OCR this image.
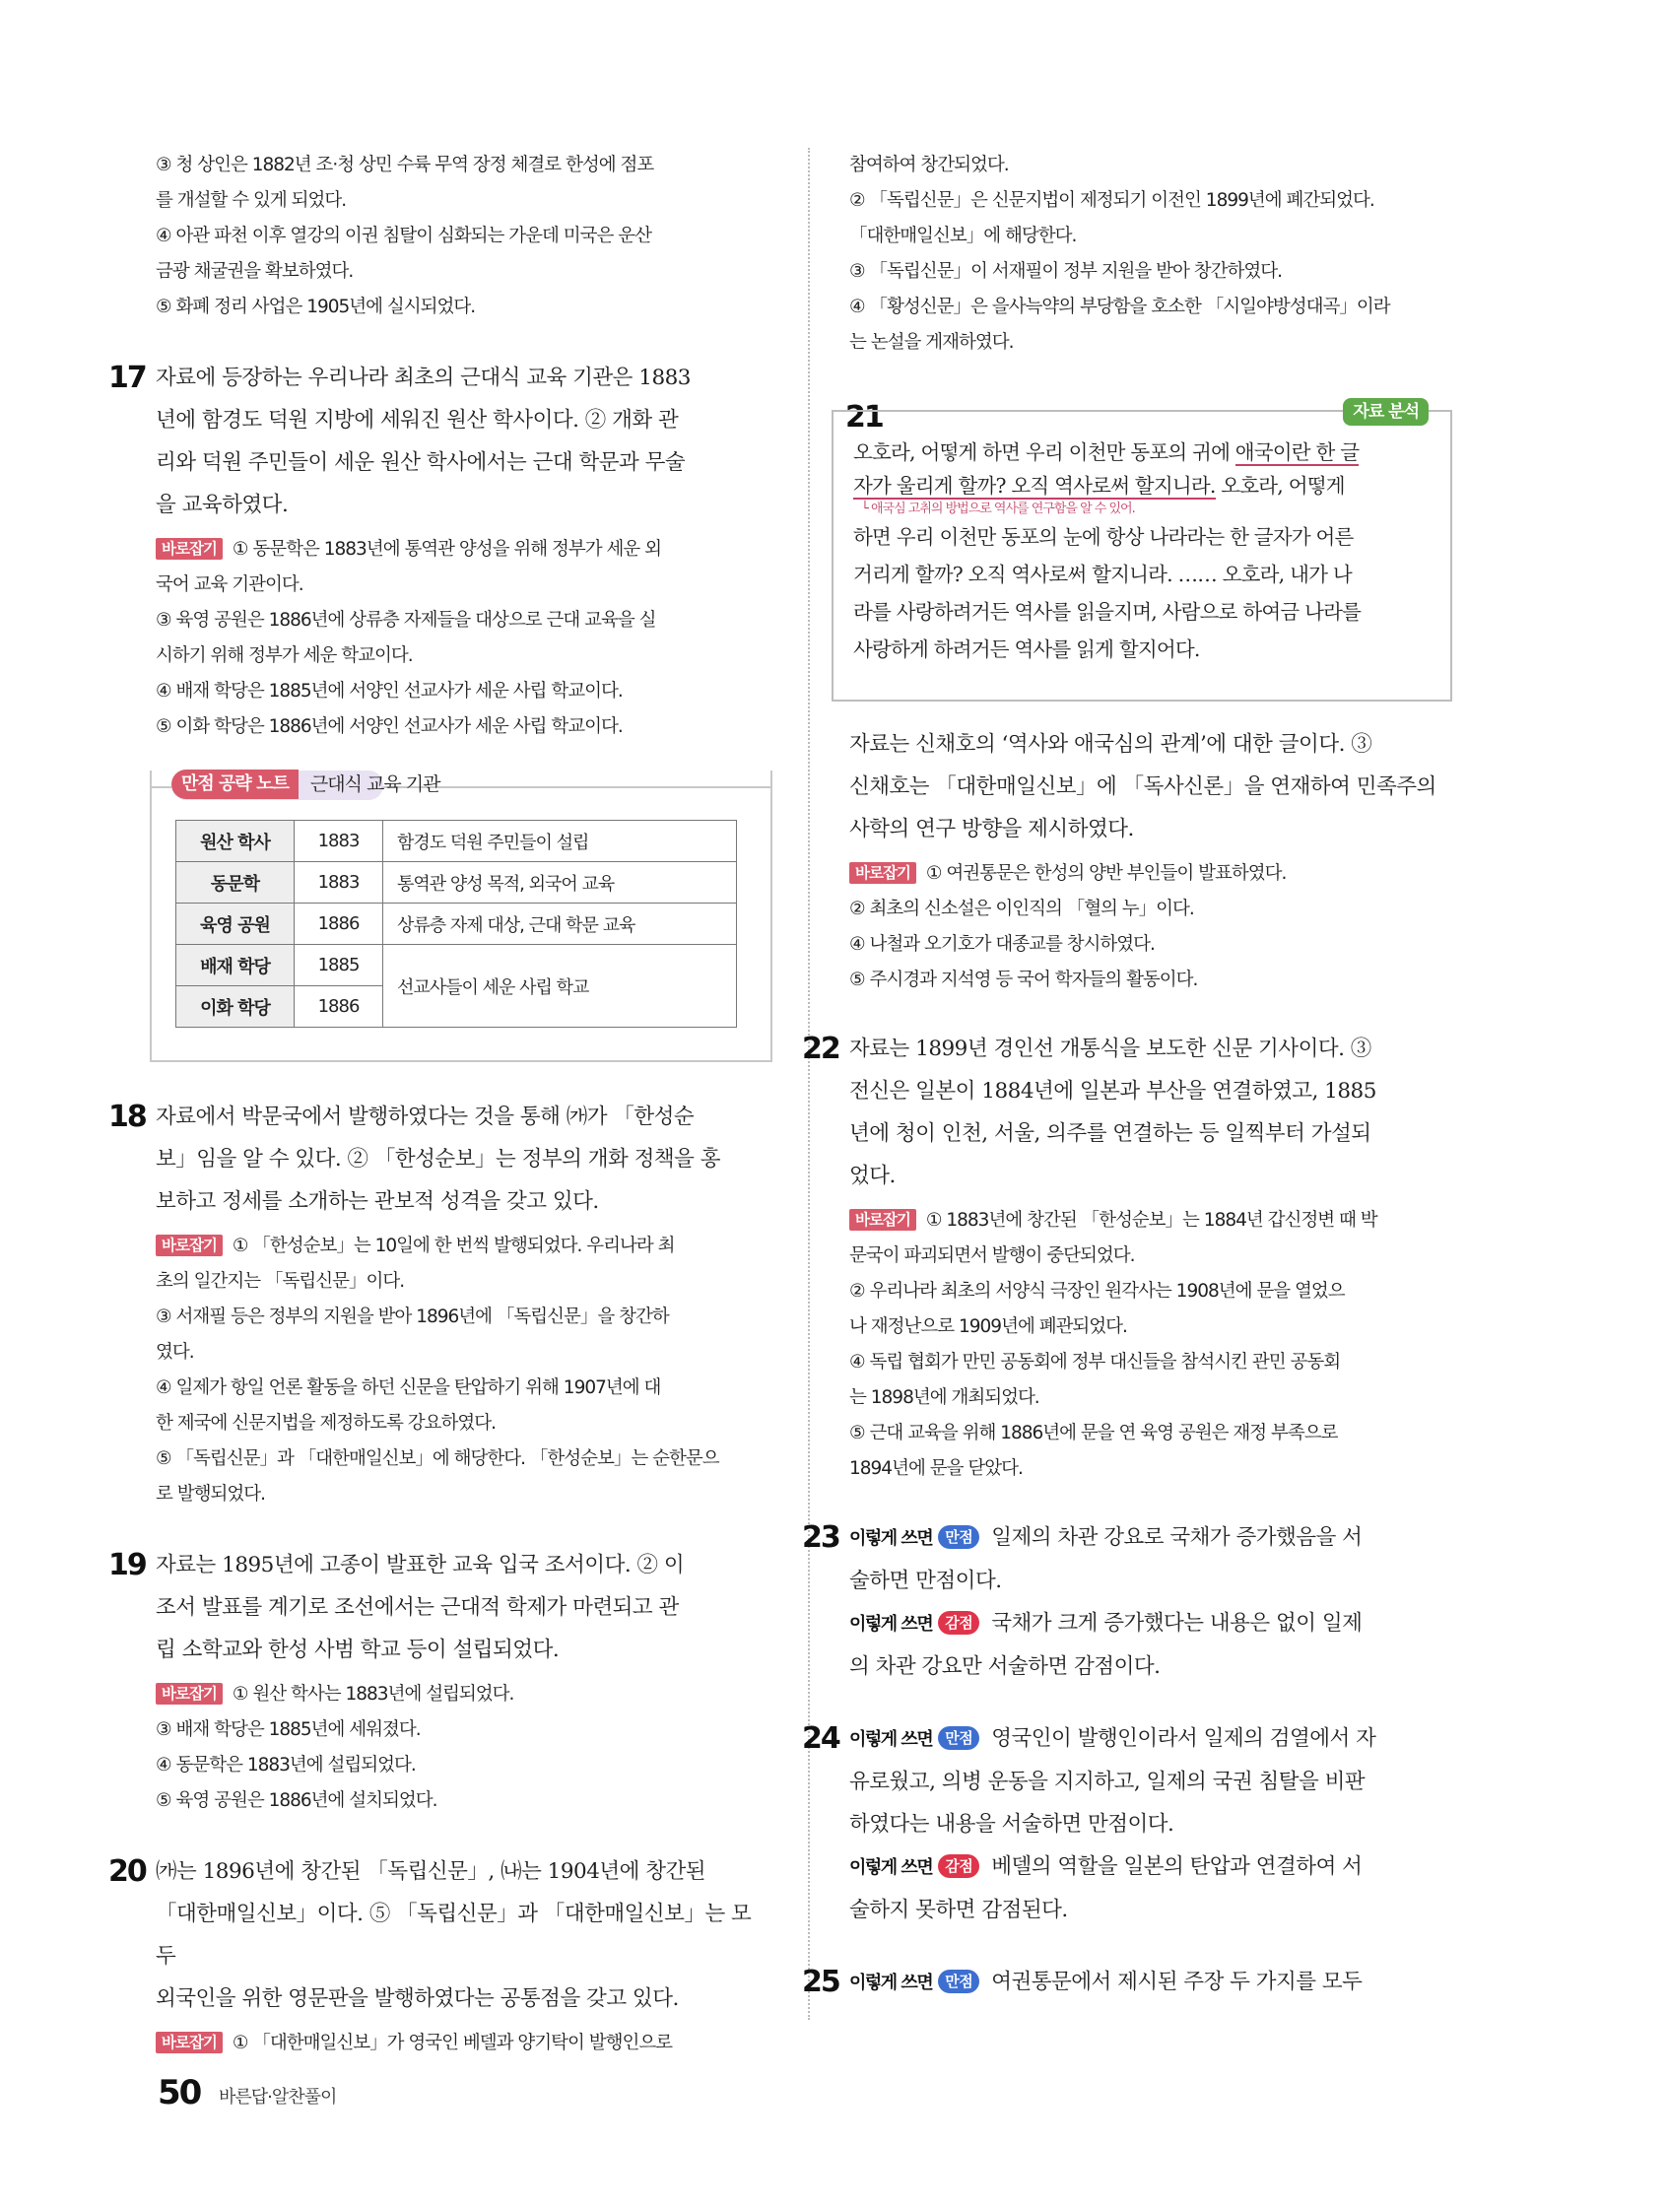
③ 청 상인은 1882년 조·청 상민 수륙 무역 장정 체결로 한성에 점포
를 개설할 수 있게 되었다.
④ 아관 파천 이후 열강의 이권 침탈이 심화되는 가운데 미국은 운산
금광 채굴권을 확보하였다.
⑤ 화폐 정리 사업은 1905년에 실시되었다.
17 자료에 등장하는 우리나라 최초의 근대식 교육 기관은 1883
년에 함경도 덕원 지방에 세워진 원산 학사이다. ② 개화 관
리와 덕원 주민들이 세운 원산 학사에서는 근대 학문과 무술
을 교육하였다.
바로잡기 ① 동문학은 1883년에 통역관 양성을 위해 정부가 세운 외
국어 교육 기관이다.
③ 육영 공원은 1886년에 상류층 자제들을 대상으로 근대 교육을 실
시하기 위해 정부가 세운 학교이다.
④ 배재 학당은 1885년에 서양인 선교사가 세운 사립 학교이다.
⑤ 이화 학당은 1886년에 서양인 선교사가 세운 사립 학교이다.
만점 공략 노트	근대식 교육 기관
원산 학사	1883	함경도 덕원 주민들이 설립
동문학	1883	통역관 양성 목적, 외국어 교육
육영 공원	1886	상류층 자제 대상, 근대 학문 교육
배재 학당	1885	선교사들이 세운 사립 학교
이화 학당	1886	
18 자료에서 박문국에서 발행하였다는 것을 통해 ㈎가 「한성순
보」임을 알 수 있다. ② 「한성순보」는 정부의 개화 정책을 홍
보하고 정세를 소개하는 관보적 성격을 갖고 있다.
바로잡기 ① 「한성순보」는 10일에 한 번씩 발행되었다. 우리나라 최
초의 일간지는 「독립신문」이다.
③ 서재필 등은 정부의 지원을 받아 1896년에 「독립신문」을 창간하
였다.
④ 일제가 항일 언론 활동을 하던 신문을 탄압하기 위해 1907년에 대
한 제국에 신문지법을 제정하도록 강요하였다.
⑤ 「독립신문」과 「대한매일신보」에 해당한다. 「한성순보」는 순한문으
로 발행되었다.
19 자료는 1895년에 고종이 발표한 교육 입국 조서이다. ② 이
조서 발표를 계기로 조선에서는 근대적 학제가 마련되고 관
립 소학교와 한성 사범 학교 등이 설립되었다.
바로잡기 ① 원산 학사는 1883년에 설립되었다.
③ 배재 학당은 1885년에 세워졌다.
④ 동문학은 1883년에 설립되었다.
⑤ 육영 공원은 1886년에 설치되었다.
20 ㈎는 1896년에 창간된 「독립신문」, ㈏는 1904년에 창간된
「대한매일신보」이다. ⑤ 「독립신문」과 「대한매일신보」는 모두
외국인을 위한 영문판을 발행하였다는 공통점을 갖고 있다.
바로잡기 ① 「대한매일신보」가 영국인 베델과 양기탁이 발행인으로
참여하여 창간되었다.
② 「독립신문」은 신문지법이 제정되기 이전인 1899년에 폐간되었다.
「대한매일신보」에 해당한다.
③ 「독립신문」이 서재필이 정부 지원을 받아 창간하였다.
④ 「황성신문」은 을사늑약의 부당함을 호소한 「시일야방성대곡」이라
는 논설을 게재하였다.
21	자료 분석
오호라, 어떻게 하면 우리 이천만 동포의 귀에 애국이란 한 글
자가 울리게 할까? 오직 역사로써 할지니라. 오호라, 어떻게
└ 애국심 고취의 방법으로 역사를 연구함을 알 수 있어.
하면 우리 이천만 동포의 눈에 항상 나라라는 한 글자가 어른
거리게 할까? 오직 역사로써 할지니라. …… 오호라, 내가 나
라를 사랑하려거든 역사를 읽을지며, 사람으로 하여금 나라를
사랑하게 하려거든 역사를 읽게 할지어다.
자료는 신채호의 ‘역사와 애국심의 관계’에 대한 글이다. ③
신채호는 「대한매일신보」에 「독사신론」을 연재하여 민족주의
사학의 연구 방향을 제시하였다.
바로잡기 ① 여권통문은 한성의 양반 부인들이 발표하였다.
② 최초의 신소설은 이인직의 「혈의 누」이다.
④ 나철과 오기호가 대종교를 창시하였다.
⑤ 주시경과 지석영 등 국어 학자들의 활동이다.
22 자료는 1899년 경인선 개통식을 보도한 신문 기사이다. ③
전신은 일본이 1884년에 일본과 부산을 연결하였고, 1885
년에 청이 인천, 서울, 의주를 연결하는 등 일찍부터 가설되
었다.
바로잡기 ① 1883년에 창간된 「한성순보」는 1884년 갑신정변 때 박
문국이 파괴되면서 발행이 중단되었다.
② 우리나라 최초의 서양식 극장인 원각사는 1908년에 문을 열었으
나 재정난으로 1909년에 폐관되었다.
④ 독립 협회가 만민 공동회에 정부 대신들을 참석시킨 관민 공동회
는 1898년에 개최되었다.
⑤ 근대 교육을 위해 1886년에 문을 연 육영 공원은 재정 부족으로
1894년에 문을 닫았다.
23 이렇게 쓰면 만점 일제의 차관 강요로 국채가 증가했음을 서
술하면 만점이다.
이렇게 쓰면 감점 국채가 크게 증가했다는 내용은 없이 일제
의 차관 강요만 서술하면 감점이다.
24 이렇게 쓰면 만점 영국인이 발행인이라서 일제의 검열에서 자
유로웠고, 의병 운동을 지지하고, 일제의 국권 침탈을 비판
하였다는 내용을 서술하면 만점이다.
이렇게 쓰면 감점 베델의 역할을 일본의 탄압과 연결하여 서
술하지 못하면 감점된다.
25 이렇게 쓰면 만점 여권통문에서 제시된 주장 두 가지를 모두
50 바른답·알찬풀이
